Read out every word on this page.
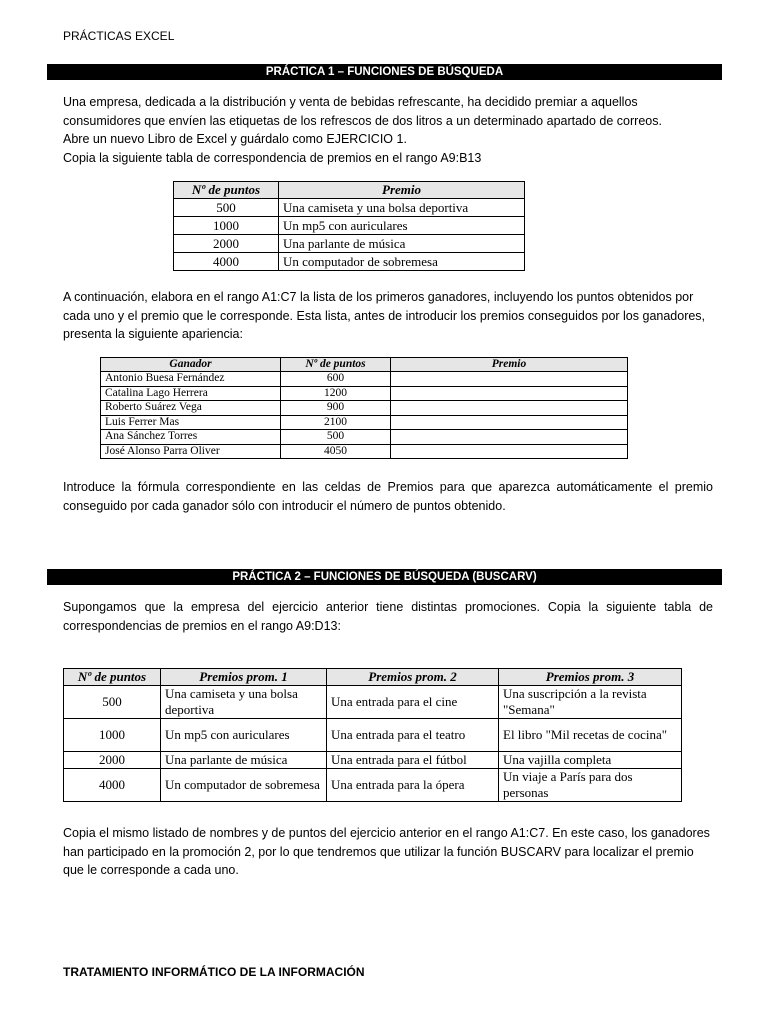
PRÁCTICAS EXCEL
PRÁCTICA 1 – FUNCIONES DE BÚSQUEDA

Una empresa, dedicada a la distribución y venta de bebidas refrescante, ha decidido premiar a aquellos

consumidores que envíen las etiquetas de los refrescos de dos litros a un determinado apartado de correos.

Abre un nuevo Libro de Excel y guárdalo como EJERCICIO 1.

Copia la siguiente tabla de correspondencia de premios en el rango A9:B13

Nº de puntos	Premio
500	Una camiseta y una bolsa deportiva
1000	Un mp5 con auriculares
2000	Una parlante de música
4000	Un computador de sobremesa
A continuación, elabora en el rango A1:C7 la lista de los primeros ganadores, incluyendo los puntos obtenidos por cada uno y el premio que le corresponde. Esta lista, antes de introducir los premios conseguidos por los ganadores, presenta la siguiente apariencia:
Ganador	Nº de puntos	Premio
Antonio Buesa Fernández	600	
Catalina Lago Herrera	1200	
Roberto Suárez Vega	900	
Luis Ferrer Mas	2100	
Ana Sánchez Torres	500	
José Alonso Parra Oliver	4050	
Introduce la fórmula correspondiente en las celdas de Premios para que aparezca automáticamente el premio conseguido por cada ganador sólo con introducir el número de puntos obtenido.
PRÁCTICA 2 – FUNCIONES DE BÚSQUEDA (BUSCARV)
Supongamos que la empresa del ejercicio anterior tiene distintas promociones. Copia la siguiente tabla de correspondencias de premios en el rango A9:D13:
Nº de puntos	Premios prom. 1	Premios prom. 2	Premios prom. 3
500	Una camiseta y una bolsa deportiva	Una entrada para el cine	Una suscripción a la revista "Semana"
1000	Un mp5 con auriculares	Una entrada para el teatro	El libro "Mil recetas de cocina"
2000	Una parlante de música	Una entrada para el fútbol	Una vajilla completa
4000	Un computador de sobremesa	Una entrada para la ópera	Un viaje a París para dos personas
Copia el mismo listado de nombres y de puntos del ejercicio anterior en el rango A1:C7. En este caso, los ganadores han participado en la promoción 2, por lo que tendremos que utilizar la función BUSCARV para localizar el premio que le corresponde a cada uno.
TRATAMIENTO INFORMÁTICO DE LA INFORMACIÓN
